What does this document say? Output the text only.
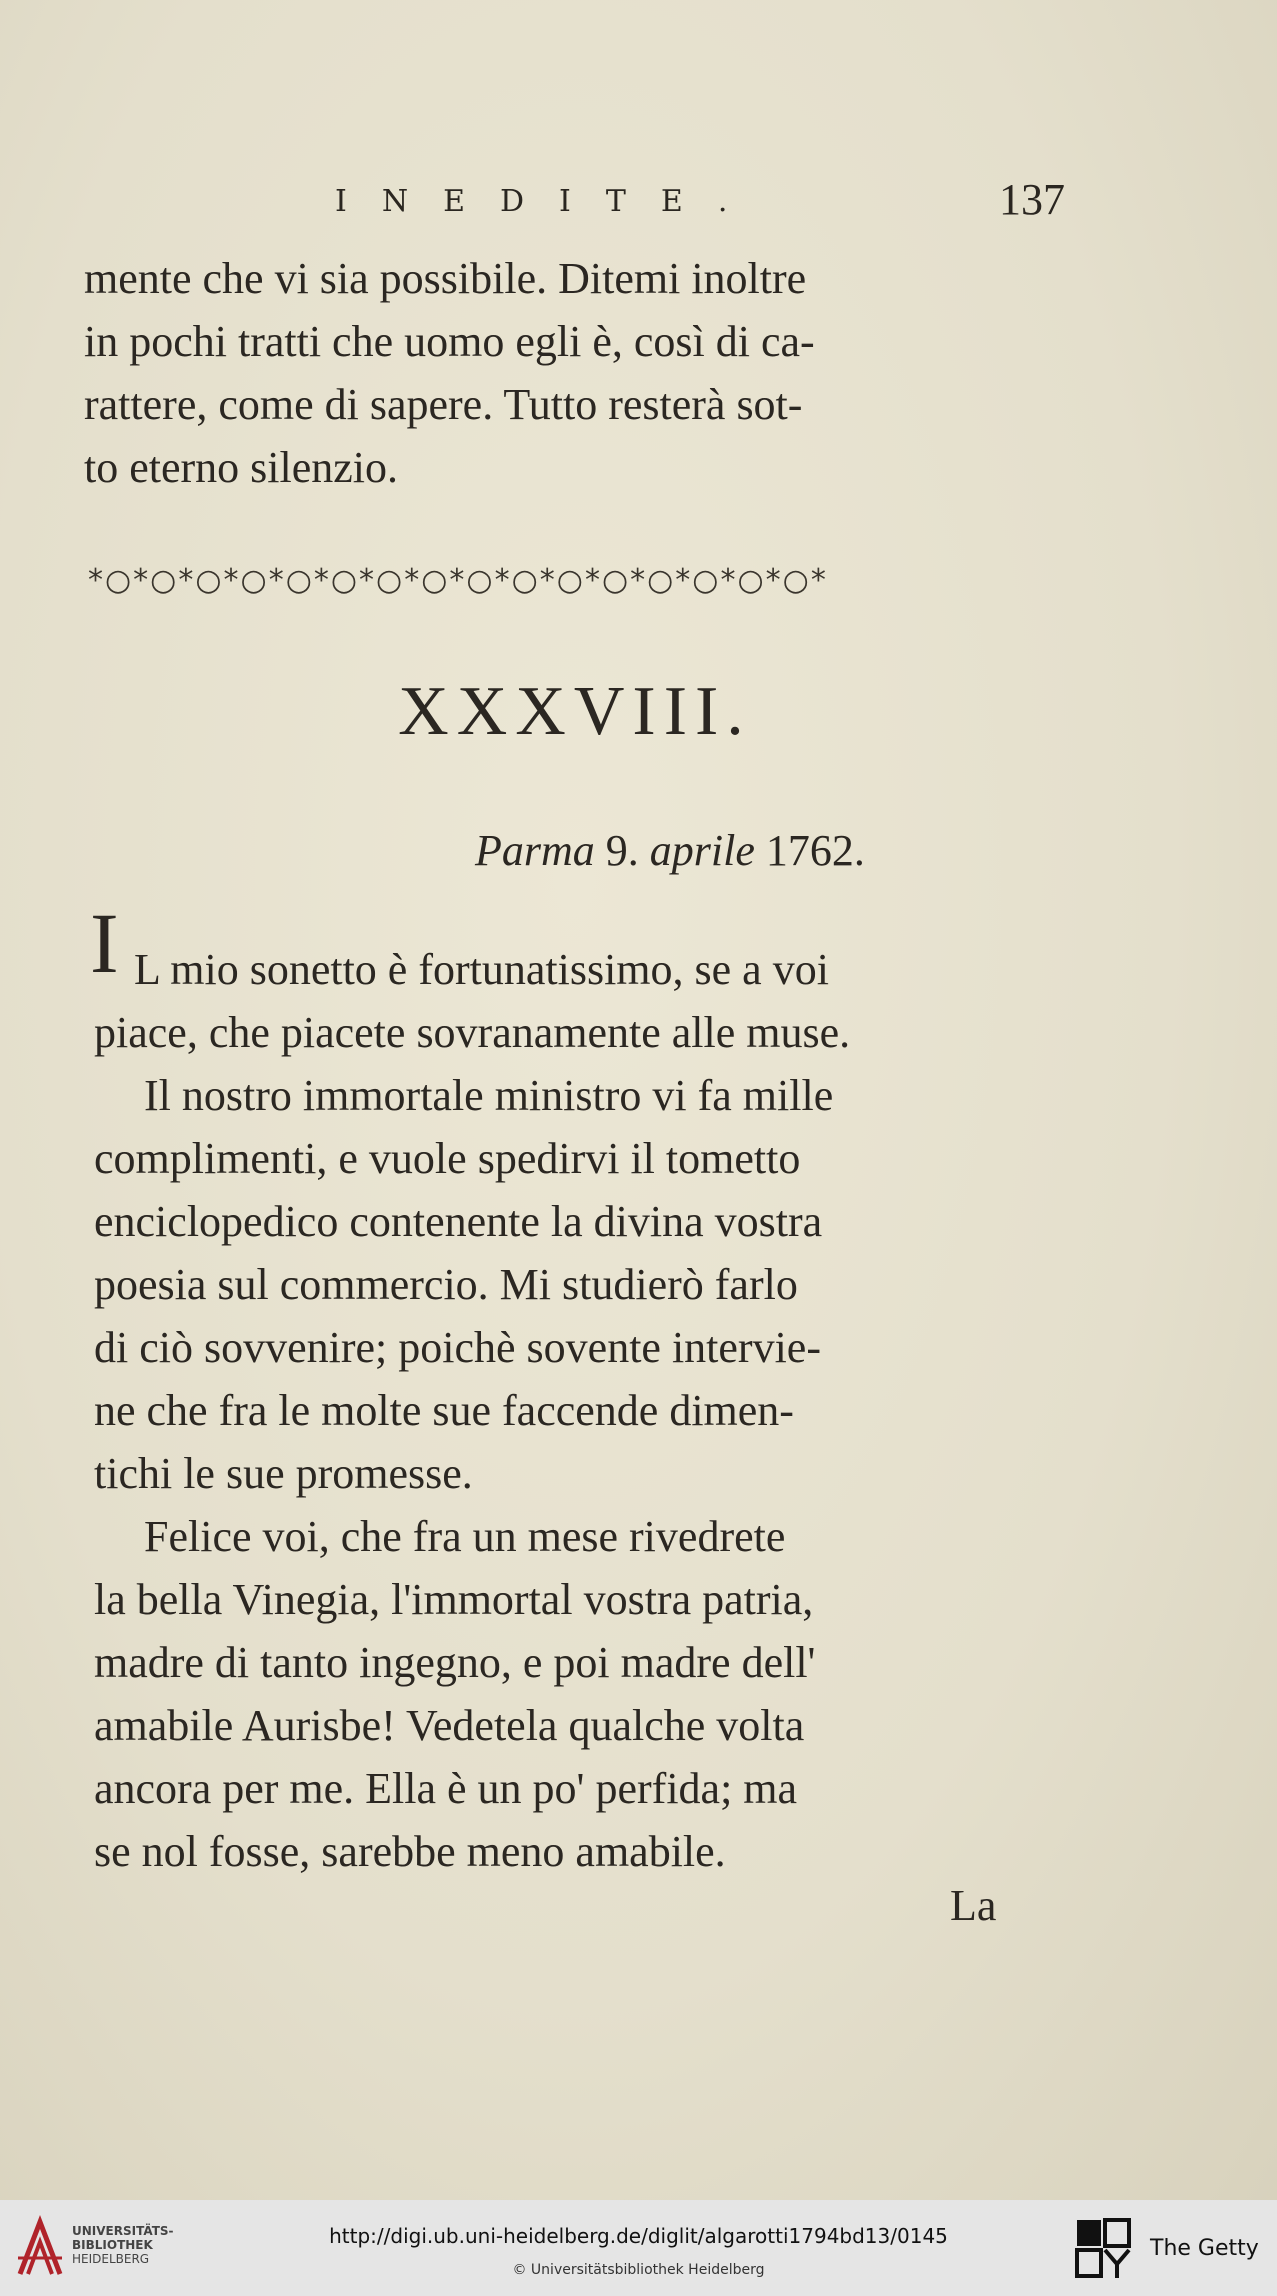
INEDITE.	137
mente che vi sia possibile. Ditemi inoltre
in pochi tratti che uomo egli è, così di ca-
rattere, come di sapere. Tutto resterà sot-
to eterno silenzio.
*○*○*○*○*○*○*○*○*○*○*○*○*○*○*○*○*
XXXVIII.
Parma 9. aprile 1762.
I L mio sonetto è fortunatissimo, se a voi
piace, che piacete sovranamente alle muse.
Il nostro immortale ministro vi fa mille
complimenti, e vuole spedirvi il tometto
enciclopedico contenente la divina vostra
poesia sul commercio. Mi studierò farlo
di ciò sovvenire; poichè sovente intervie-
ne che fra le molte sue faccende dimen-
tichi le sue promesse.
Felice voi, che fra un mese rivedrete
la bella Vinegia, l'immortal vostra patria,
madre di tanto ingegno, e poi madre dell'
amabile Aurisbe! Vedetela qualche volta
ancora per me. Ella è un po' perfida; ma
se nol fosse, sarebbe meno amabile.
La
UNIVERSITÄTS-
BIBLIOTHEK
HEIDELBERG
http://digi.ub.uni-heidelberg.de/diglit/algarotti1794bd13/0145
© Universitätsbibliothek Heidelberg
The Getty
